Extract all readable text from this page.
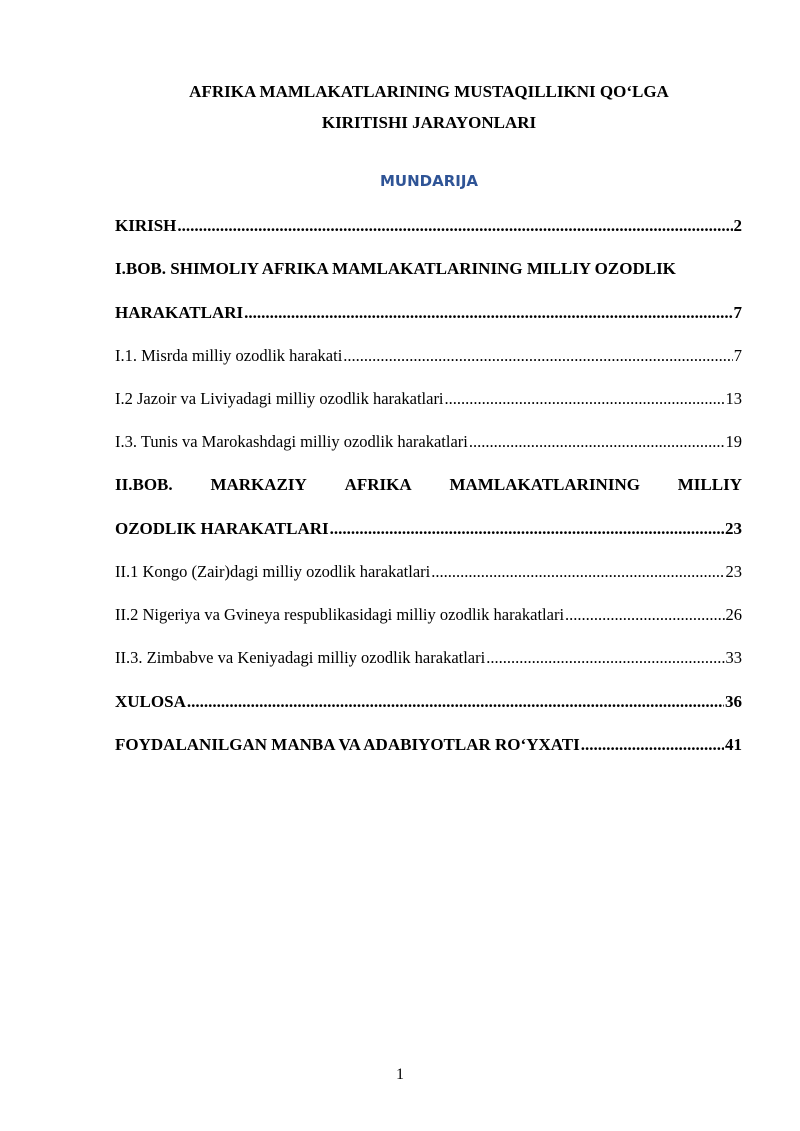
AFRIKA MAMLAKATLARINING MUSTAQILLIKNI QO‘LGA
KIRITISHI JARAYONLARI
MUNDARIJA
KIRISH .....	2
I.BOB. SHIMOLIY AFRIKA MAMLAKATLARINING MILLIY OZODLIK
HARAKATLARI .....	7
I.1. Misrda milliy ozodlik harakati .....	7
I.2 Jazoir va Liviyadagi milliy ozodlik harakatlari .....	13
I.3. Tunis va Marokashdagi milliy ozodlik harakatlari .....	19
II.BOB. MARKAZIY AFRIKA MAMLAKATLARINING MILLIY
OZODLIK HARAKATLARI .....	23
II.1 Kongo (Zair)dagi milliy ozodlik harakatlari .....	23
II.2 Nigeriya va Gvineya respublikasidagi milliy ozodlik harakatlari .....	26
II.3. Zimbabve va Keniyadagi milliy ozodlik harakatlari .....	33
XULOSA .....	36
FOYDALANILGAN MANBA VA ADABIYOTLAR RO‘YXATI .....	41
1
